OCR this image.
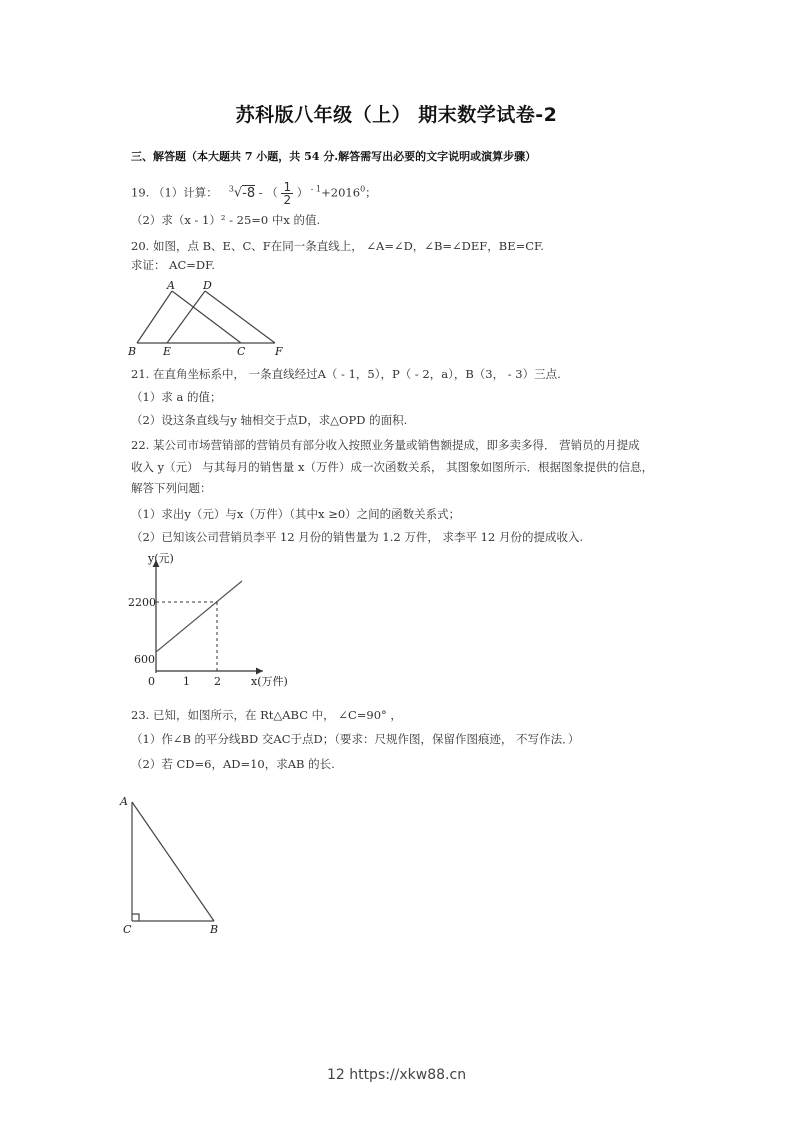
苏科版八年级（上） 期末数学试卷-2
三、解答题（本大题共 7 小题，共 54 分.解答需写出必要的文字说明或演算步骤）
19. （1）计算： $^3$√-8 - （ $\frac{1}{2}$ ） $^{- 1}+2016^0$；
（2）求（x - 1）² - 25=0 中x 的值.
20. 如图，点 B、E、C、F在同一条直线上， ∠A=∠D，∠B=∠DEF，BE=CF.
求证： AC=DF.
A	D
B E	C	F
21. 在直角坐标系中， 一条直线经过A（ - 1，5），P（ - 2，a），B（3， - 3）三点.
（1）求 a 的值；
（2）设这条直线与y 轴相交于点D，求△OPD 的面积.
22. 某公司市场营销部的营销员有部分收入按照业务量或销售额提成，即多卖多得． 营销员的月提成
收入 y（元） 与其每月的销售量 x（万件）成一次函数关系， 其图象如图所示．根据图象提供的信息，
解答下列问题：
（1）求出y（元）与x（万件）（其中x ≥0）之间的函数关系式；
（2）已知该公司营销员李平 12 月份的销售量为 1.2 万件， 求李平 12 月份的提成收入.
y(元)
2200
600
0	1 2	x(万件)
23. 已知，如图所示，在 Rt△ABC 中， ∠C=90° ，
（1）作∠B 的平分线BD 交AC于点D；（要求：尺规作图，保留作图痕迹， 不写作法．）
（2）若 CD=6，AD=10，求AB 的长.
A
C	B
12 https://xkw88.cn
